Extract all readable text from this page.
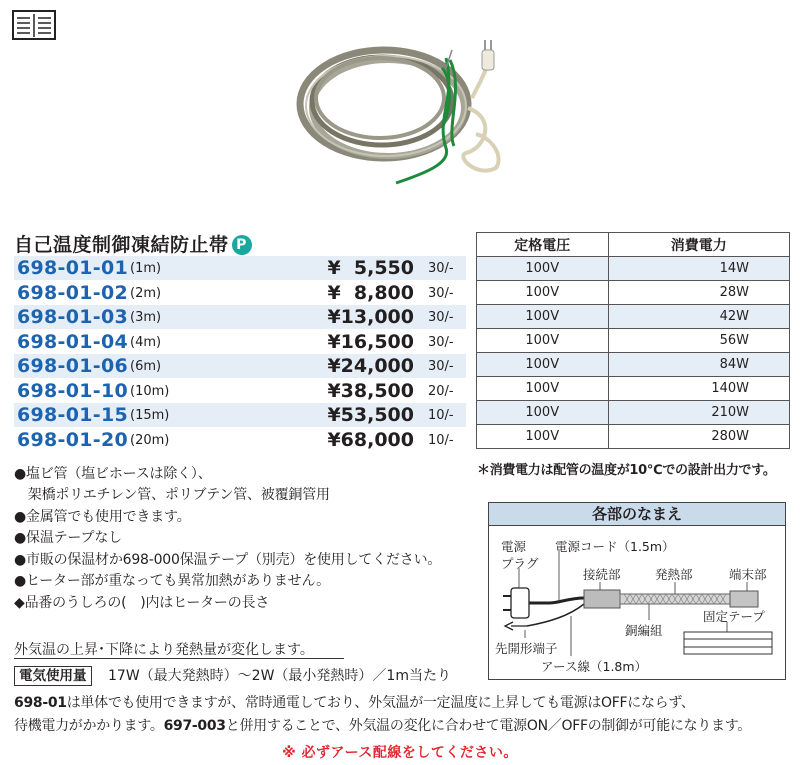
自己温度制御凍結防止帯 P
698-01-01 (1m)	¥  5,550 30/-
698-01-02 (2m)	¥  8,800 30/-
698-01-03 (3m)	¥13,000 30/-
698-01-04 (4m)	¥16,500 30/-
698-01-06 (6m)	¥24,000 30/-
698-01-10 (10m)	¥38,500 20/-
698-01-15 (15m)	¥53,500 10/-
698-01-20 (20m)	¥68,000 10/-
定格電圧	消費電力
100V	14W
100V	28W
100V	42W
100V	56W
100V	84W
100V	140W
100V	210W
100V	280W
＊消費電力は配管の温度が10℃での設計出力です。
●塩ビ管（塩ビホースは除く）、
　架橋ポリエチレン管、ポリブテン管、被覆銅管用
●金属管でも使用できます。
●保温テープなし
●市販の保温材か698-000保温テープ（別売）を使用してください。
●ヒーター部が重なっても異常加熱がありません。
◆品番のうしろの(　)内はヒーターの長さ
各部のなまえ
電源
プラグ
電源コード（1.5m）
接続部	発熱部	端末部
銅編組
固定テープ
先開形端子
アース線（1.8m）
外気温の上昇･下降により発熱量が変化します。
電気使用量	17W（最大発熱時）～2W（最小発熱時）／1m当たり
698-01は単体でも使用できますが、常時通電しており、外気温が一定温度に上昇しても電源はOFFにならず、
待機電力がかかります。697-003と併用することで、外気温の変化に合わせて電源ON／OFFの制御が可能になります。
※ 必ずアース配線をしてください。
